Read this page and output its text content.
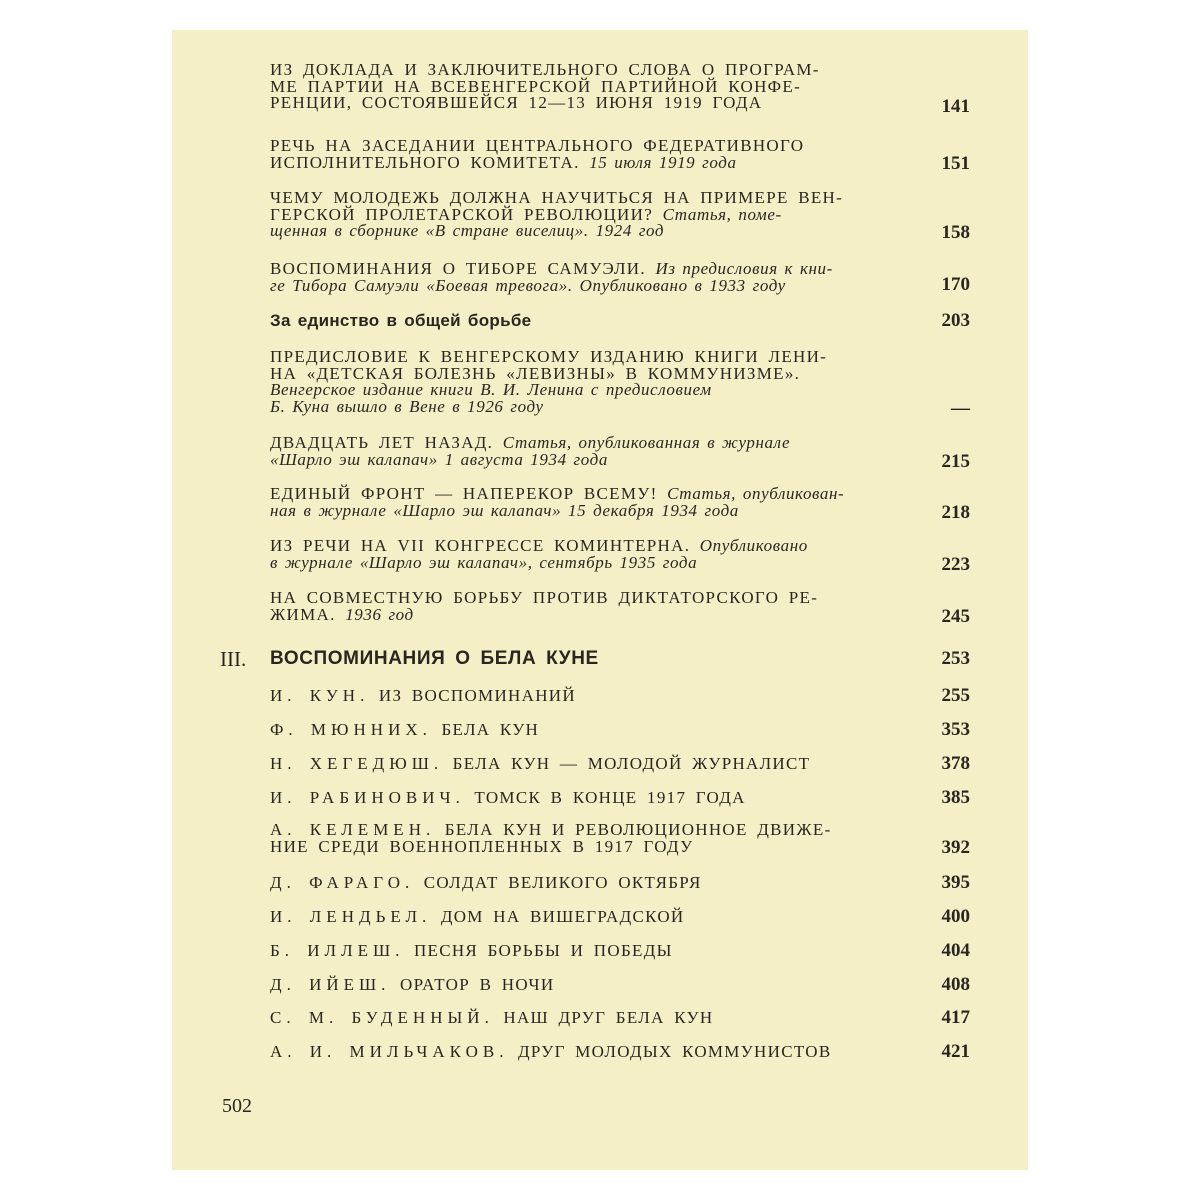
ИЗ ДОКЛАДА И ЗАКЛЮЧИТЕЛЬНОГО СЛОВА О ПРОГРАМ-
МЕ ПАРТИИ НА ВСЕВЕНГЕРСКОЙ ПАРТИЙНОЙ КОНФЕ-
РЕНЦИИ, СОСТОЯВШЕЙСЯ 12—13 ИЮНЯ 1919 ГОДА	141
РЕЧЬ НА ЗАСЕДАНИИ ЦЕНТРАЛЬНОГО ФЕДЕРАТИВНОГО
ИСПОЛНИТЕЛЬНОГО КОМИТЕТА. 15 июля 1919 года	151
ЧЕМУ МОЛОДЕЖЬ ДОЛЖНА НАУЧИТЬСЯ НА ПРИМЕРЕ ВЕН-
ГЕРСКОЙ ПРОЛЕТАРСКОЙ РЕВОЛЮЦИИ? Статья, поме-
щенная в сборнике «В стране виселиц». 1924 год	158
ВОСПОМИНАНИЯ О ТИБОРЕ САМУЭЛИ. Из предисловия к кни-
ге Тибора Самуэли «Боевая тревога». Опубликовано в 1933 году	170
За единство в общей борьбе	203
ПРЕДИСЛОВИЕ К ВЕНГЕРСКОМУ ИЗДАНИЮ КНИГИ ЛЕНИ-
НА «ДЕТСКАЯ БОЛЕЗНЬ «ЛЕВИЗНЫ» В КОММУНИЗМЕ».
Венгерское издание книги В. И. Ленина с предисловием
Б. Куна вышло в Вене в 1926 году	—
ДВАДЦАТЬ ЛЕТ НАЗАД. Статья, опубликованная в журнале
«Шарло эш калапач» 1 августа 1934 года	215
ЕДИНЫЙ ФРОНТ — НАПЕРЕКОР ВСЕМУ! Статья, опубликован-
ная в журнале «Шарло эш калапач» 15 декабря 1934 года	218
ИЗ РЕЧИ НА VII КОНГРЕССЕ КОМИНТЕРНА. Опубликовано
в журнале «Шарло эш калапач», сентябрь 1935 года	223
НА СОВМЕСТНУЮ БОРЬБУ ПРОТИВ ДИКТАТОРСКОГО РЕ-
ЖИМА. 1936 год	245
III. ВОСПОМИНАНИЯ О БЕЛА КУНЕ	253
И. КУН. ИЗ ВОСПОМИНАНИЙ	255
Ф. МЮННИХ. БЕЛА КУН	353
Н. ХЕГЕДЮШ. БЕЛА КУН — МОЛОДОЙ ЖУРНАЛИСТ	378
И. РАБИНОВИЧ. ТОМСК В КОНЦЕ 1917 ГОДА	385
А. КЕЛЕМЕН. БЕЛА КУН И РЕВОЛЮЦИОННОЕ ДВИЖЕ-
НИЕ СРЕДИ ВОЕННОПЛЕННЫХ В 1917 ГОДУ	392
Д. ФАРАГО. СОЛДАТ ВЕЛИКОГО ОКТЯБРЯ	395
И. ЛЕНДЬЕЛ. ДОМ НА ВИШЕГРАДСКОЙ	400
Б. ИЛЛЕШ. ПЕСНЯ БОРЬБЫ И ПОБЕДЫ	404
Д. ИЙЕШ. ОРАТОР В НОЧИ	408
С. М. БУДЕННЫЙ. НАШ ДРУГ БЕЛА КУН	417
А. И. МИЛЬЧАКОВ. ДРУГ МОЛОДЫХ КОММУНИСТОВ	421
502
